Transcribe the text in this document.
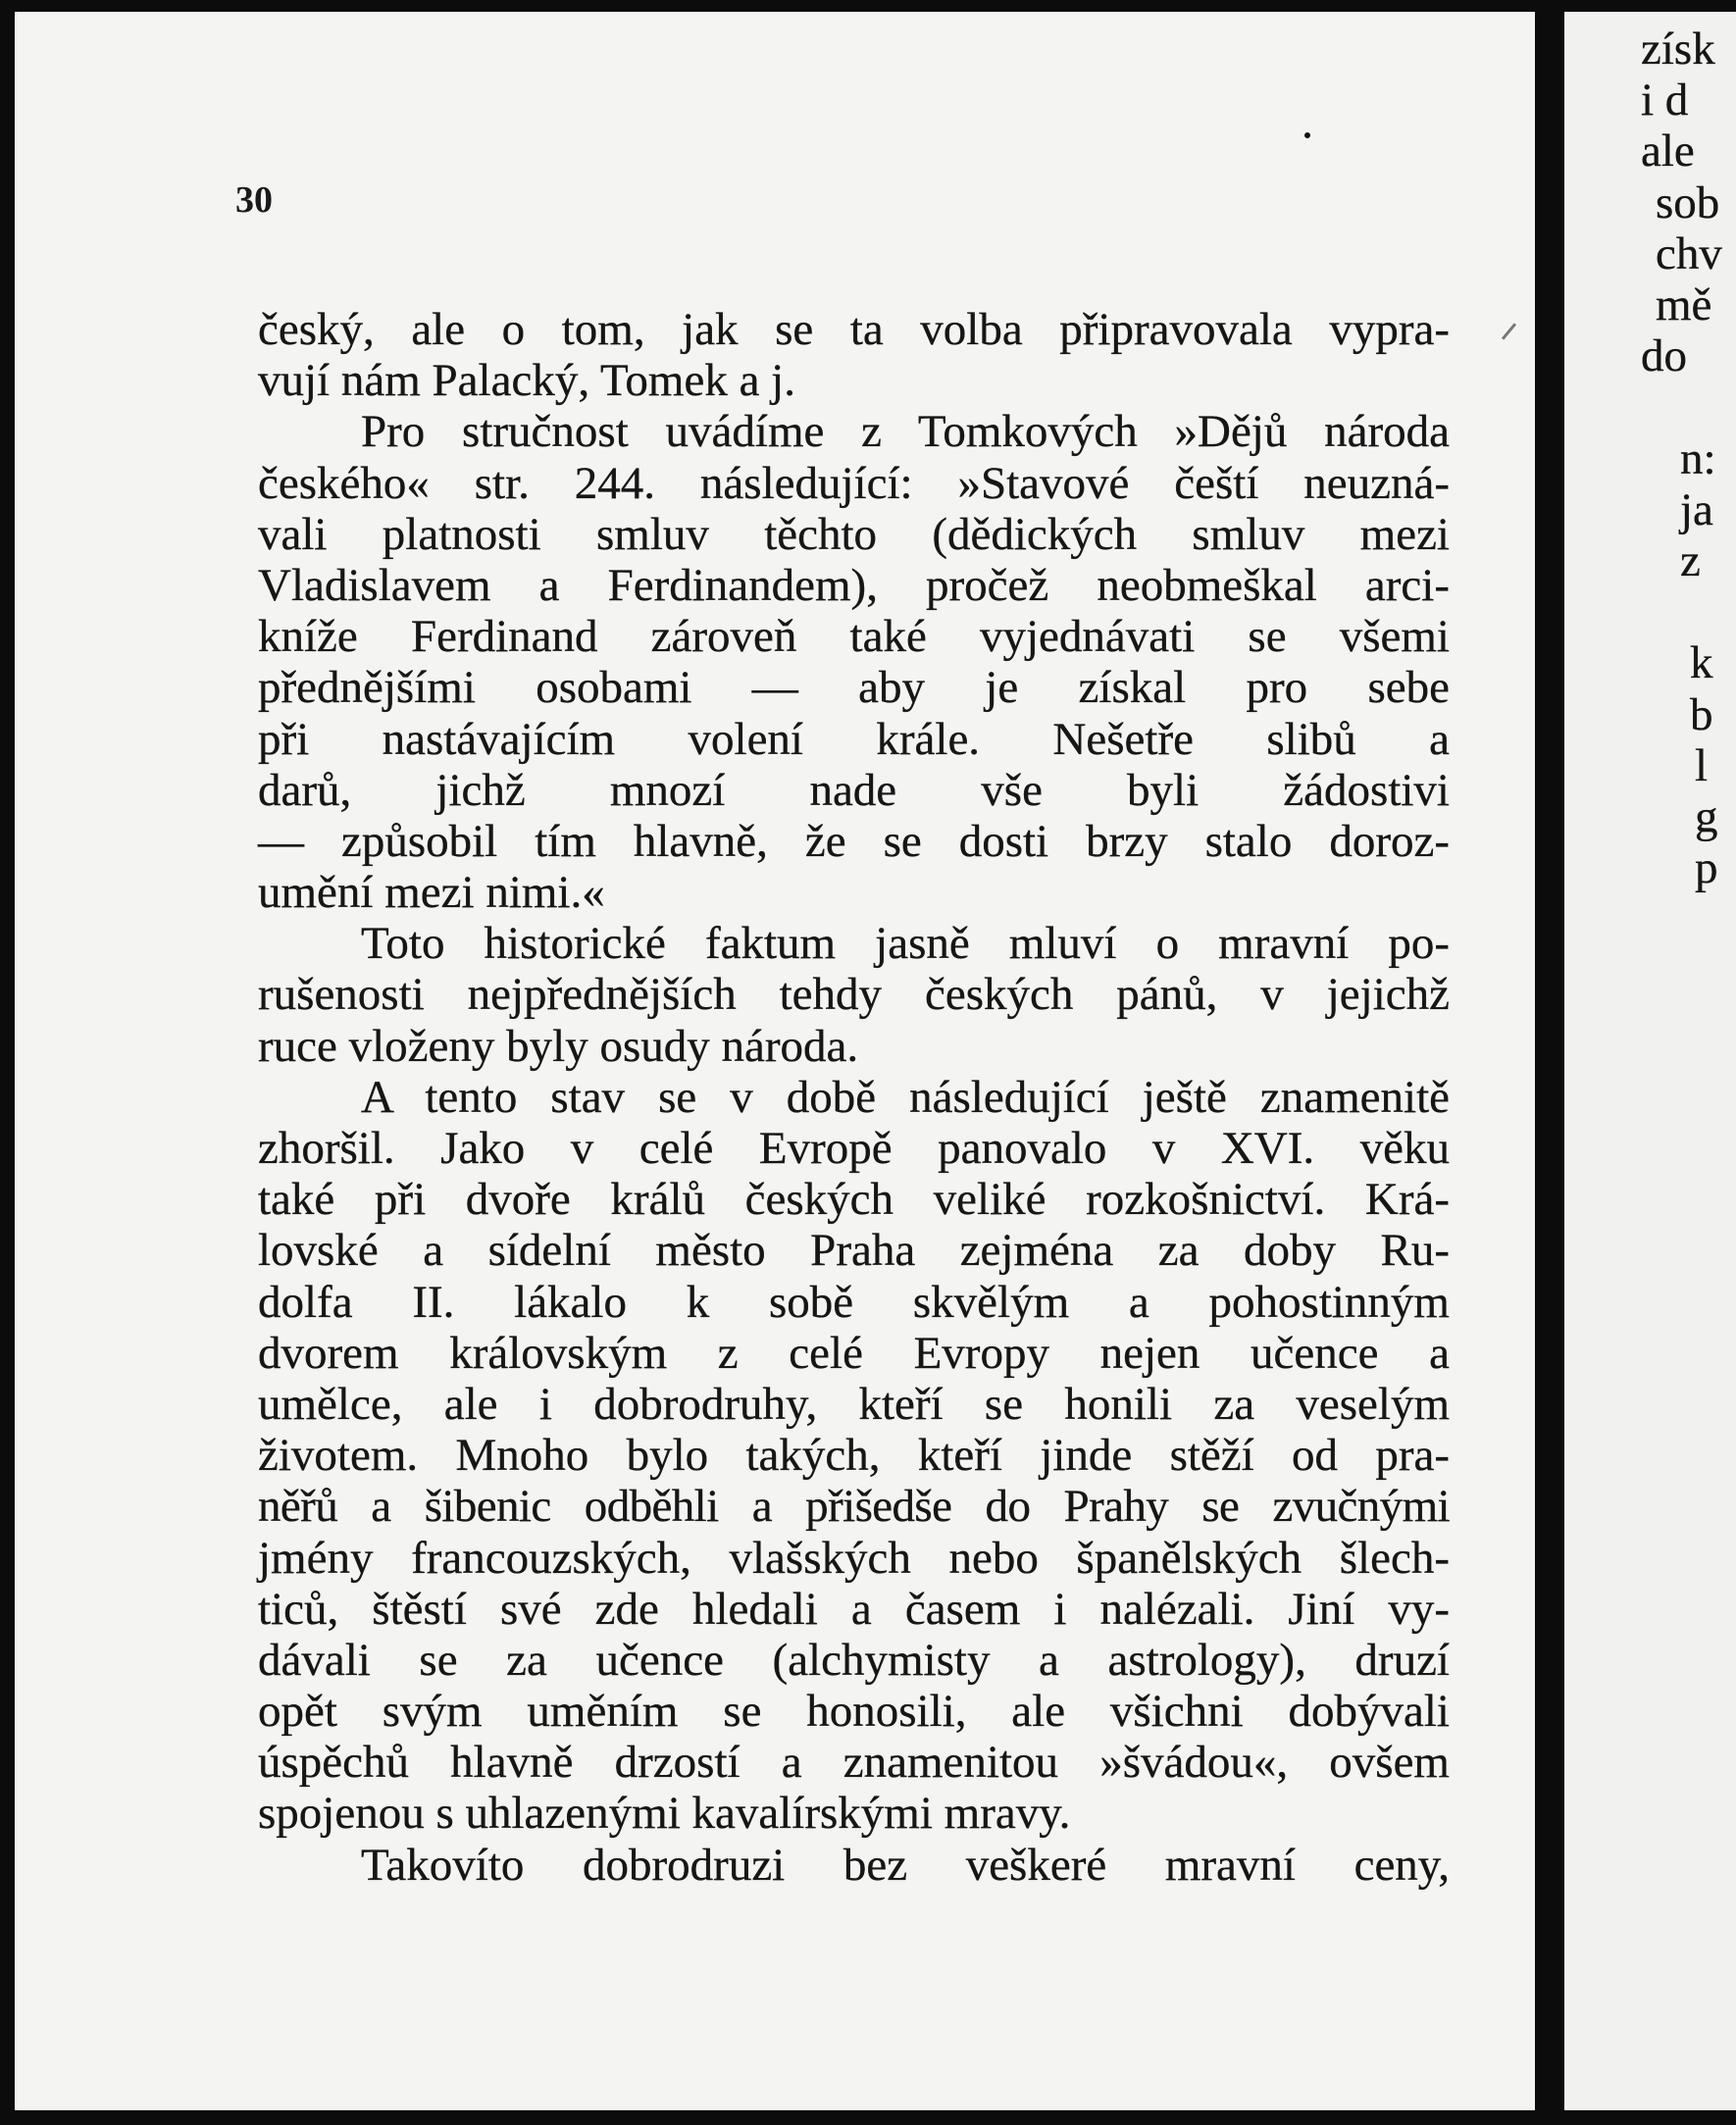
30

český, ale o tom, jak se ta volba připravovala vypra-
vují nám Palacký, Tomek a j.
Pro stručnost uvádíme z Tomkových »Dějů národa
českého« str. 244. následující: »Stavové čeští neuzná-
vali platnosti smluv těchto (dědických smluv mezi
Vladislavem a Ferdinandem), pročež neobmeškal arci-
kníže Ferdinand zároveň také vyjednávati se všemi
přednějšími osobami — aby je získal pro sebe
při nastávajícím volení krále. Nešetře slibů a
darů, jichž mnozí nade vše byli žádostivi
— způsobil tím hlavně, že se dosti brzy stalo doroz-
umění mezi nimi.«
Toto historické faktum jasně mluví o mravní po-
rušenosti nejpřednějších tehdy českých pánů, v jejichž
ruce vloženy byly osudy národa.
A tento stav se v době následující ještě znamenitě
zhoršil. Jako v celé Evropě panovalo v XVI. věku
také při dvoře králů českých veliké rozkošnictví. Krá-
lovské a sídelní město Praha zejména za doby Ru-
dolfa II. lákalo k sobě skvělým a pohostinným
dvorem královským z celé Evropy nejen učence a
umělce, ale i dobrodruhy, kteří se honili za veselým
životem. Mnoho bylo takých, kteří jinde stěží od pra-
něřů a šibenic odběhli a přišedše do Prahy se zvučnými
jmény francouzských, vlašských nebo španělských šlech-
ticů, štěstí své zde hledali a časem i nalézali. Jiní vy-
dávali se za učence (alchymisty a astrology), druzí
opět svým uměním se honosili, ale všichni dobývali
úspěchů hlavně drzostí a znamenitou »švádou«, ovšem
spojenou s uhlazenými kavalírskými mravy.
Takovíto dobrodruzi bez veškeré mravní ceny,
získ
i d
ale
sob
chv
mě
do
n:
ja
z
k
b
l
g
p
